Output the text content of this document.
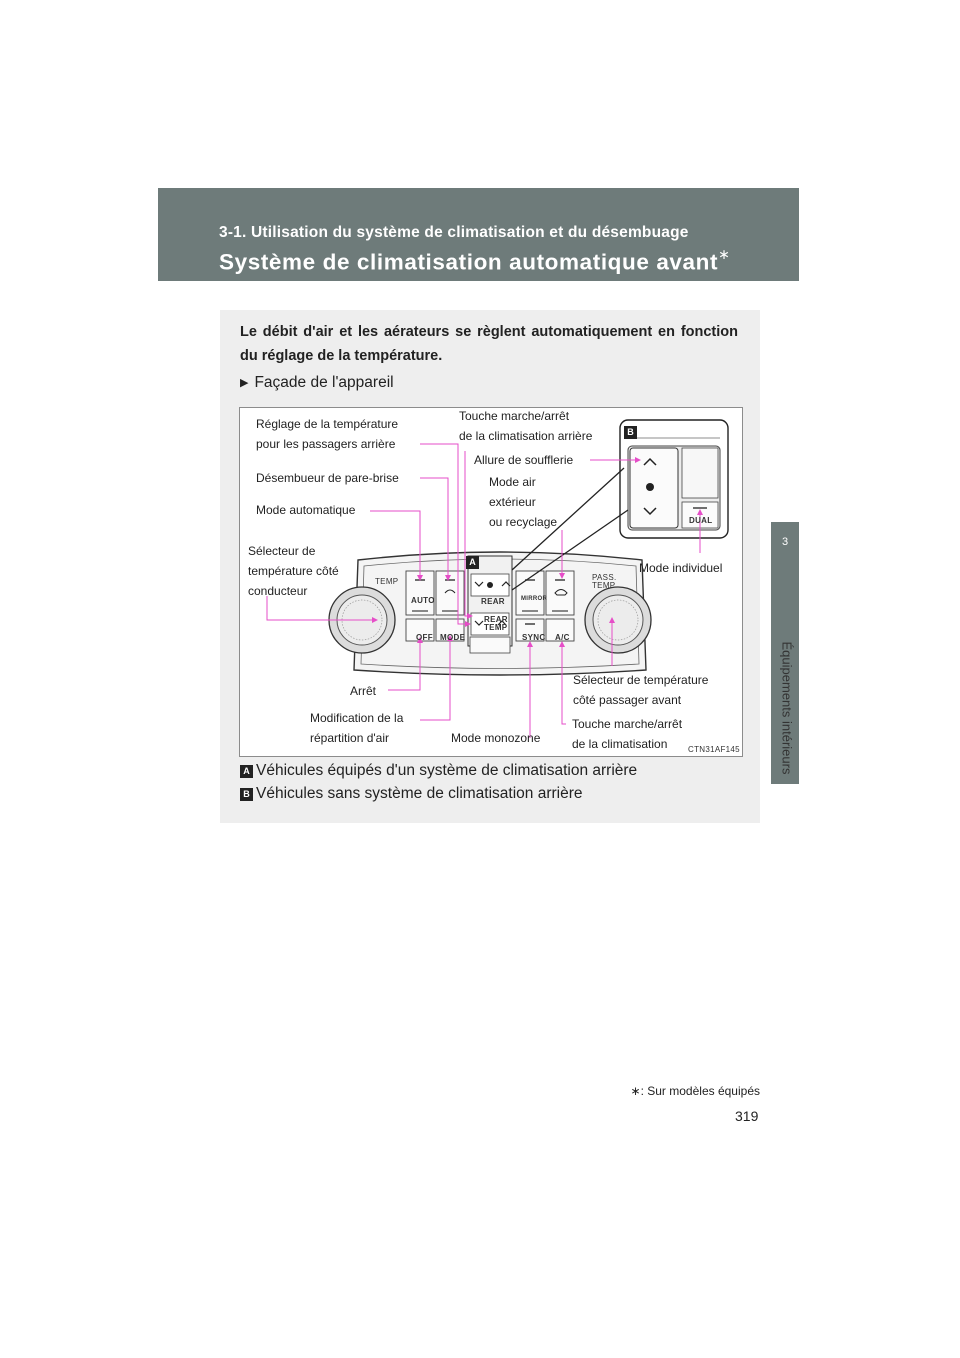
3-1. Utilisation du système de climatisation et du désembuage
Système de climatisation automatique avant∗
3
Équipements intérieurs
Le débit d'air et les aérateurs se règlent automatiquement en fonction du réglage de la température.
▶ Façade de l'appareil
A
B
TEMP	PASS.
TEMP
AUTO
OFF MODE
REAR
REAR
TEMP
SYNC A/C
MIRROR
DUAL
Réglage de la température
pour les passagers arrière
Touche marche/arrêt
de la climatisation arrière
Allure de soufflerie
Désembueur de pare-brise	Mode air
extérieur
ou recyclage
Mode automatique
Sélecteur de
température côté
conducteur
Mode individuel
Arrêt
Sélecteur de température
côté passager avant
Modification de la
répartition d'air	Mode monozone
Touche marche/arrêt
de la climatisation	CTN31AF145
A Véhicules équipés d'un système de climatisation arrière
B Véhicules sans système de climatisation arrière
∗: Sur modèles équipés
319
